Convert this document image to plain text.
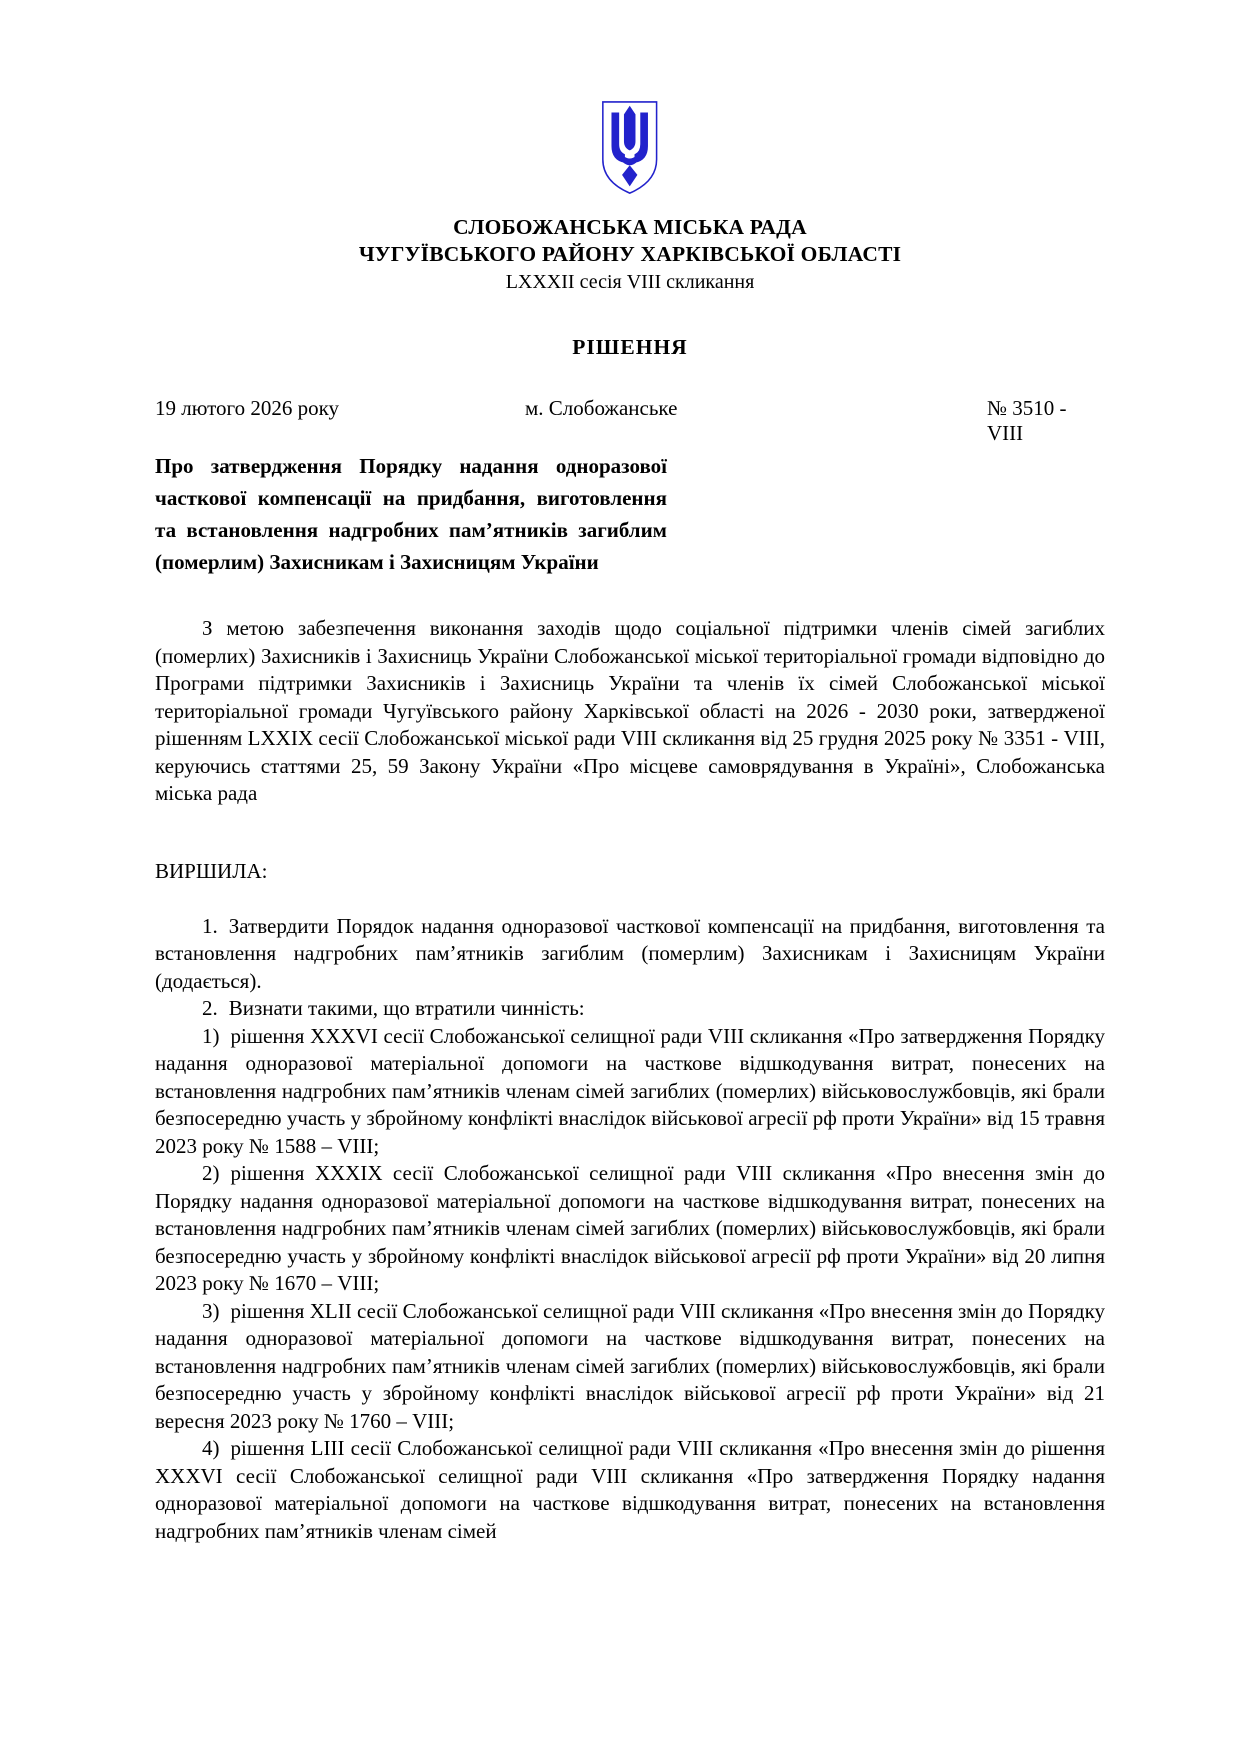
СЛОБОЖАНСЬКА МІСЬКА РАДА
ЧУГУЇВСЬКОГО РАЙОНУ ХАРКІВСЬКОЇ ОБЛАСТІ
LXXXII сесія VIII скликання
РІШЕННЯ
19 лютого 2026 року	м. Слобожанське	№ 3510 - VIII
Про затвердження Порядку надання одноразової часткової компенсації на придбання, виготовлення та встановлення надгробних пам’ятників загиблим (померлим) Захисникам і Захисницям України

З метою забезпечення виконання заходів щодо соціальної підтримки членів сімей загиблих (померлих) Захисників і Захисниць України Слобожанської міської територіальної громади відповідно до Програми підтримки Захисників і Захисниць України та членів їх сімей Слобожанської міської територіальної громади Чугуївського району Харківської області на 2026 - 2030 роки, затвердженої рішенням LXXIX сесії Слобожанської міської ради VIII скликання від 25 грудня 2025 року № 3351 - VIII, керуючись статтями 25, 59 Закону України «Про місцеве самоврядування в Україні», Слобожанська міська рада

ВИРШИЛА:

1. Затвердити Порядок надання одноразової часткової компенсації на придбання, виготовлення та встановлення надгробних пам’ятників загиблим (померлим) Захисникам і Захисницям України (додається).

2. Визнати такими, що втратили чинність:

1) рішення XXXVI сесії Слобожанської селищної ради VIII скликання «Про затвердження Порядку надання одноразової матеріальної допомоги на часткове відшкодування витрат, понесених на встановлення надгробних пам’ятників членам сімей загиблих (померлих) військовослужбовців, які брали безпосередню участь у збройному конфлікті внаслідок військової агресії рф проти України» від 15 травня 2023 року № 1588 – VIII;

2) рішення XXXIX сесії Слобожанської селищної ради VIII скликання «Про внесення змін до Порядку надання одноразової матеріальної допомоги на часткове відшкодування витрат, понесених на встановлення надгробних пам’ятників членам сімей загиблих (померлих) військовослужбовців, які брали безпосередню участь у збройному конфлікті внаслідок військової агресії рф проти України» від 20 липня 2023 року № 1670 – VIII;

3) рішення XLII сесії Слобожанської селищної ради VIII скликання «Про внесення змін до Порядку надання одноразової матеріальної допомоги на часткове відшкодування витрат, понесених на встановлення надгробних пам’ятників членам сімей загиблих (померлих) військовослужбовців, які брали безпосередню участь у збройному конфлікті внаслідок військової агресії рф проти України» від 21 вересня 2023 року № 1760 – VIII;

4) рішення LIII сесії Слобожанської селищної ради VIII скликання «Про внесення змін до рішення XXXVI сесії Слобожанської селищної ради VIII скликання «Про затвердження Порядку надання одноразової матеріальної допомоги на часткове відшкодування витрат, понесених на встановлення надгробних пам’ятників членам сімей
